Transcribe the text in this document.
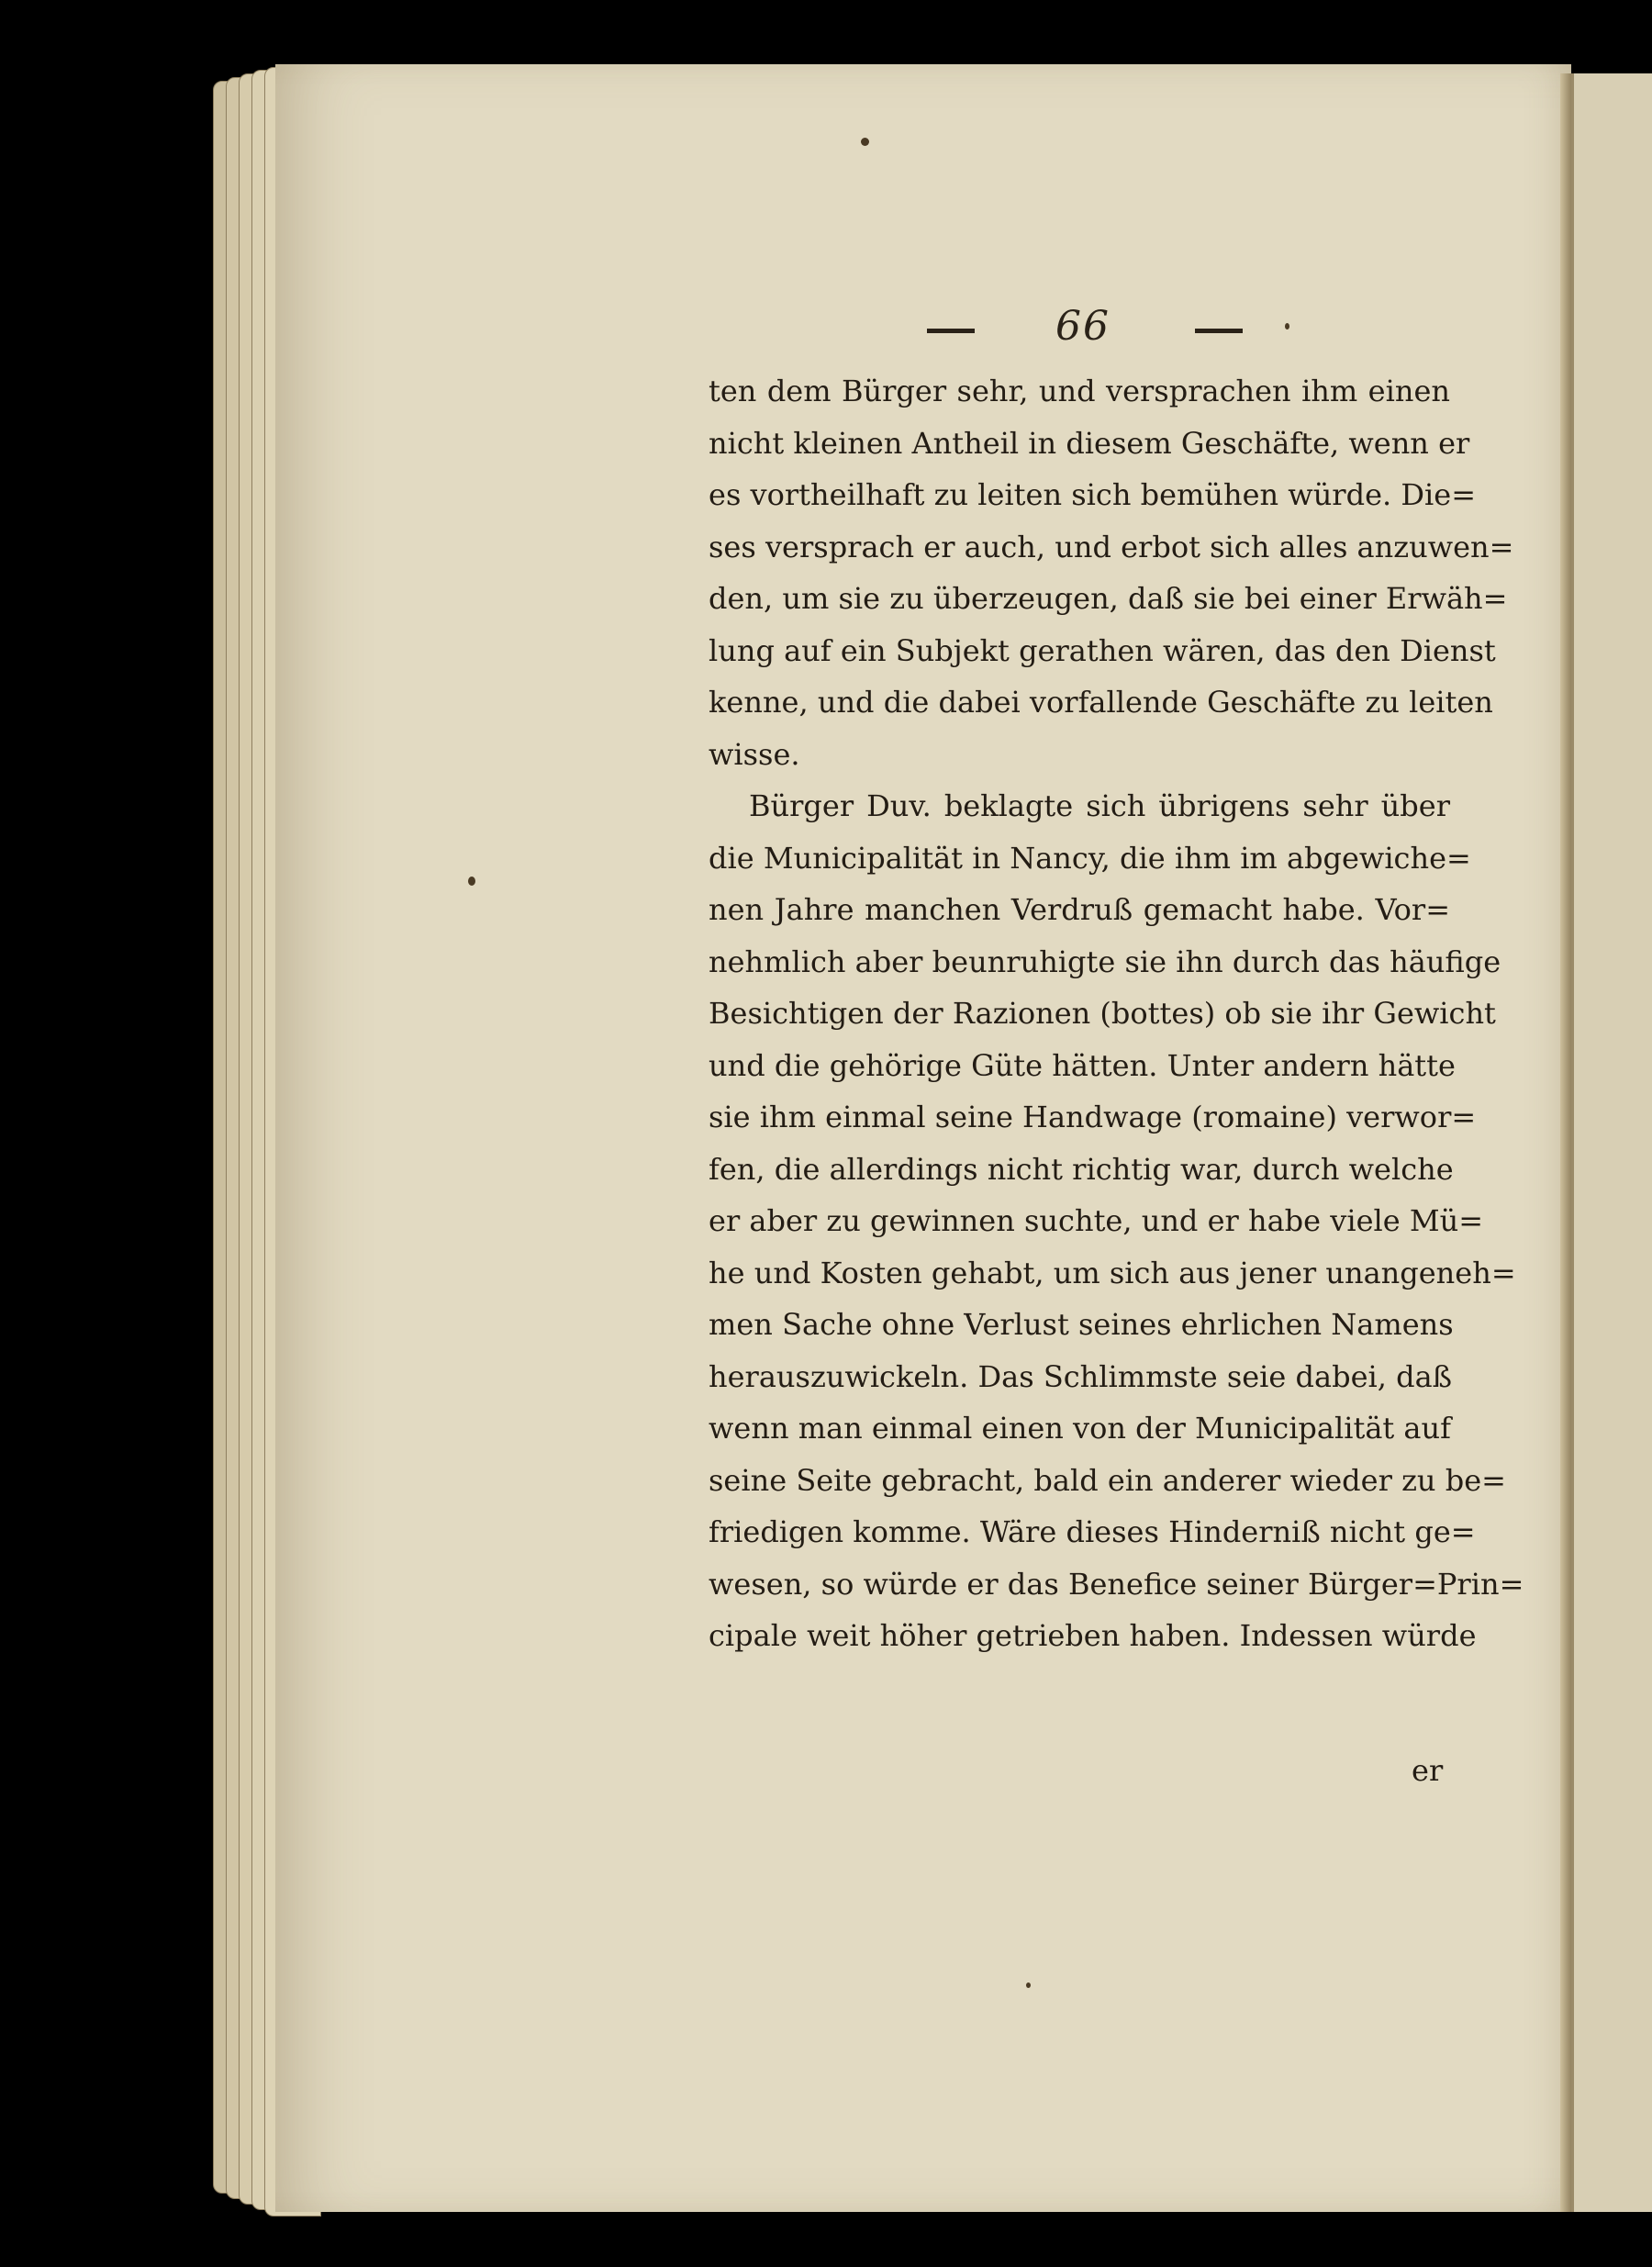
66
ten dem Bürger sehr, und versprachen ihm einen
nicht kleinen Antheil in diesem Geschäfte, wenn er
es vortheilhaft zu leiten sich bemühen würde. Die=
ses versprach er auch, und erbot sich alles anzuwen=
den, um sie zu überzeugen, daß sie bei einer Erwäh=
lung auf ein Subjekt gerathen wären, das den Dienst
kenne, und die dabei vorfallende Geschäfte zu leiten
wisse.
Bürger Duv. beklagte sich übrigens sehr über
die Municipalität in Nancy, die ihm im abgewiche=
nen Jahre manchen Verdruß gemacht habe. Vor=
nehmlich aber beunruhigte sie ihn durch das häufige
Besichtigen der Razionen (bottes) ob sie ihr Gewicht
und die gehörige Güte hätten. Unter andern hätte
sie ihm einmal seine Handwage (romaine) verwor=
fen, die allerdings nicht richtig war, durch welche
er aber zu gewinnen suchte, und er habe viele Mü=
he und Kosten gehabt, um sich aus jener unangeneh=
men Sache ohne Verlust seines ehrlichen Namens
herauszuwickeln. Das Schlimmste seie dabei, daß
wenn man einmal einen von der Municipalität auf
seine Seite gebracht, bald ein anderer wieder zu be=
friedigen komme. Wäre dieses Hinderniß nicht ge=
wesen, so würde er das Benefice seiner Bürger=Prin=
cipale weit höher getrieben haben. Indessen würde
er
